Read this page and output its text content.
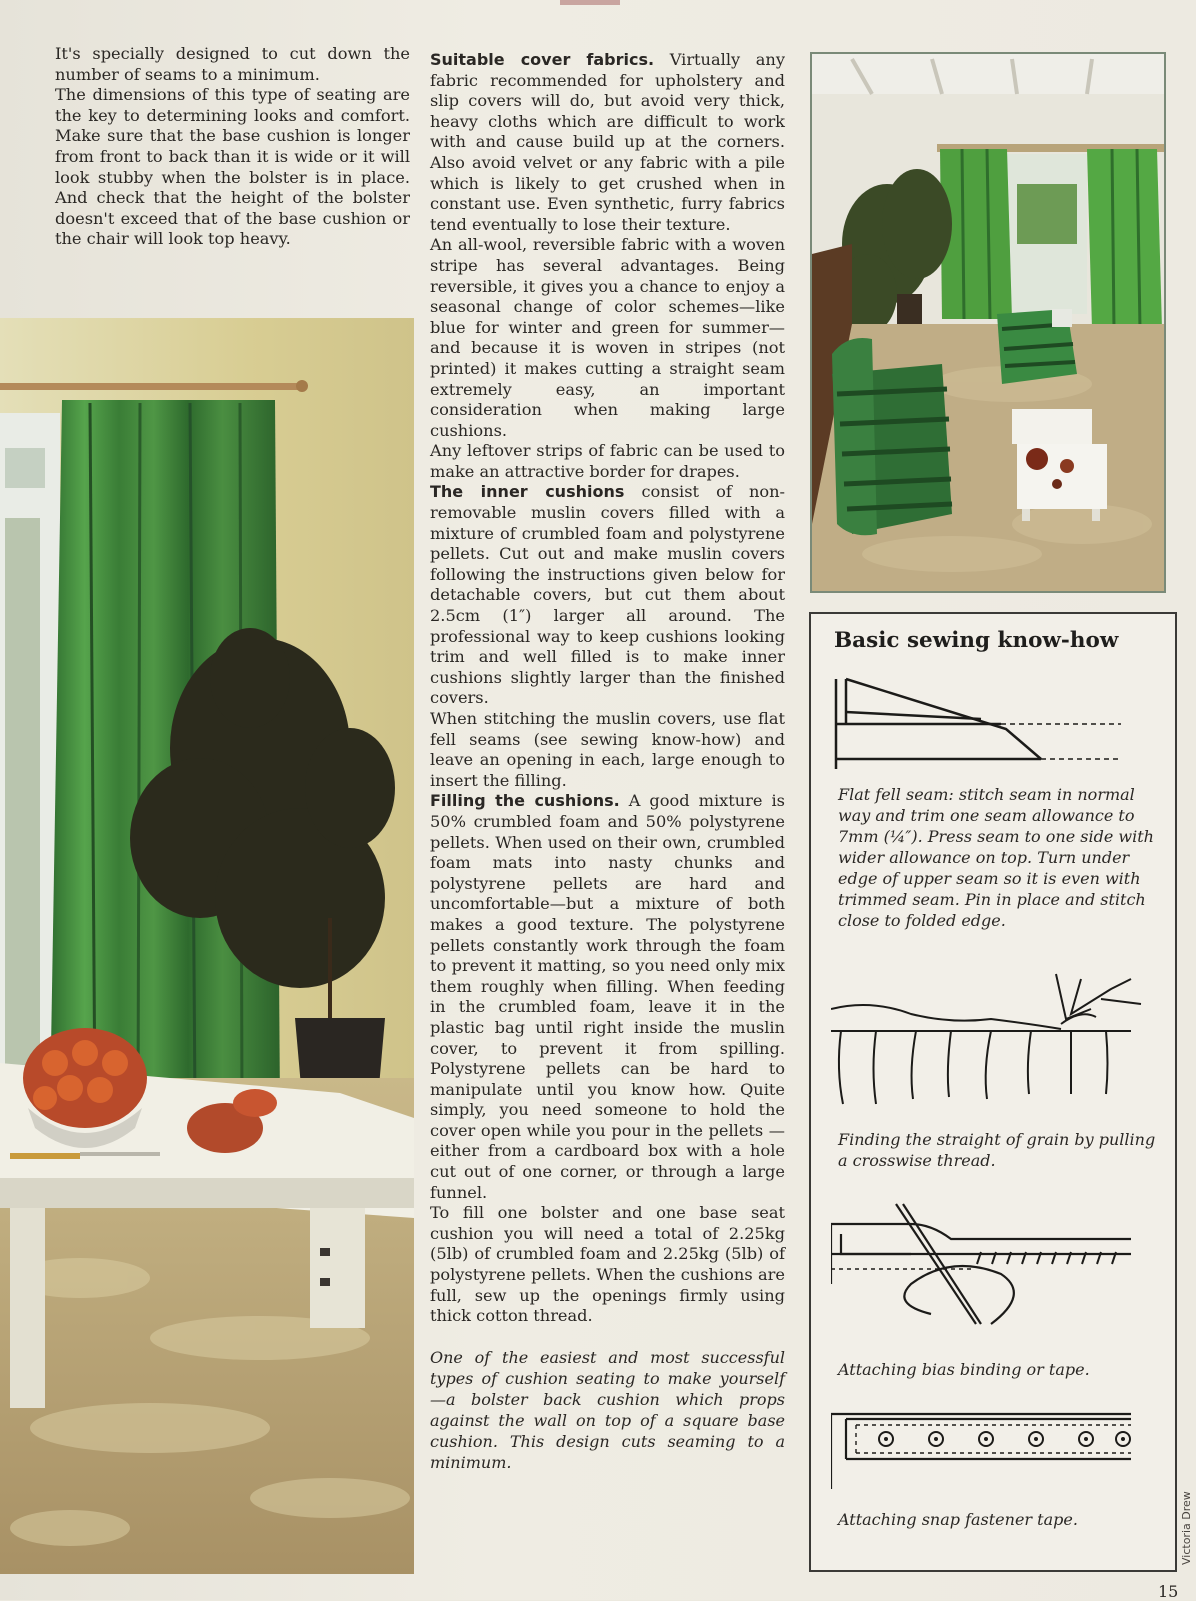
It's specially designed to cut down the number of seams to a minimum.

The dimensions of this type of seating are the key to determining looks and comfort. Make sure that the base cushion is longer from front to back than it is wide or it will look stubby when the bolster is in place. And check that the height of the bolster doesn't exceed that of the base cushion or the chair will look top heavy.

Suitable cover fabrics. Virtually any fabric recommended for upholstery and slip covers will do, but avoid very thick, heavy cloths which are difficult to work with and cause build up at the corners. Also avoid velvet or any fabric with a pile which is likely to get crushed when in constant use. Even synthetic, furry fabrics tend eventually to lose their texture.

An all-wool, reversible fabric with a woven stripe has several advantages. Being reversible, it gives you a chance to enjoy a seasonal change of color schemes—like blue for winter and green for summer—and because it is woven in stripes (not printed) it makes cutting a straight seam extremely easy, an important consideration when making large cushions.

Any leftover strips of fabric can be used to make an attractive border for drapes.

The inner cushions consist of non-removable muslin covers filled with a mixture of crumbled foam and polystyrene pellets. Cut out and make muslin covers following the instructions given below for detachable covers, but cut them about 2.5cm (1″) larger all around. The professional way to keep cushions looking trim and well filled is to make inner cushions slightly larger than the finished covers.

When stitching the muslin covers, use flat fell seams (see sewing know-how) and leave an opening in each, large enough to insert the filling.

Filling the cushions. A good mixture is 50% crumbled foam and 50% polystyrene pellets. When used on their own, crumbled foam mats into nasty chunks and polystyrene pellets are hard and uncomfortable—but a mixture of both makes a good texture. The polystyrene pellets constantly work through the foam to prevent it matting, so you need only mix them roughly when filling. When feeding in the crumbled foam, leave it in the plastic bag until right inside the muslin cover, to prevent it from spilling. Polystyrene pellets can be hard to manipulate until you know how. Quite simply, you need someone to hold the cover open while you pour in the pellets —either from a cardboard box with a hole cut out of one corner, or through a large funnel.

To fill one bolster and one base seat cushion you will need a total of 2.25kg (5lb) of crumbled foam and 2.25kg (5lb) of polystyrene pellets. When the cushions are full, sew up the openings firmly using thick cotton thread.

One of the easiest and most successful types of cushion seating to make yourself —a bolster back cushion which props against the wall on top of a square base cushion. This design cuts seaming to a minimum.

Basic sewing know-how
Flat fell seam: stitch seam in normal way and trim one seam allowance to 7mm (¼″). Press seam to one side with wider allowance on top. Turn under edge of upper seam so it is even with trimmed seam. Pin in place and stitch close to folded edge.
Finding the straight of grain by pulling a crosswise thread.
Attaching bias binding or tape.
Attaching snap fastener tape.	Victoria Drew
15
